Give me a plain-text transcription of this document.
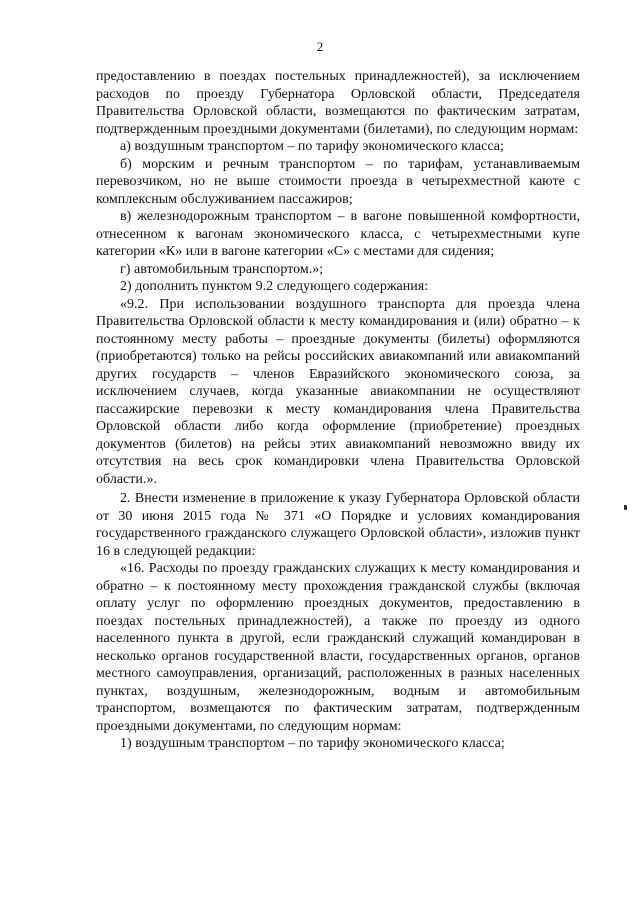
2

предоставлению в поездах постельных принадлежностей), за исключением расходов по проезду Губернатора Орловской области, Председателя Правительства Орловской области, возмещаются по фактическим затратам, подтвержденным проездными документами (билетами), по следующим нормам:

а) воздушным транспортом – по тарифу экономического класса;

б) морским и речным транспортом – по тарифам, устанавливаемым перевозчиком, но не выше стоимости проезда в четырехместной каюте с комплексным обслуживанием пассажиров;

в) железнодорожным транспортом – в вагоне повышенной комфортности, отнесенном к вагонам экономического класса, с четырехместными купе категории «К» или в вагоне категории «С» с местами для сидения;

г) автомобильным транспортом.»;

2) дополнить пунктом 9.2 следующего содержания:

«9.2. При использовании воздушного транспорта для проезда члена Правительства Орловской области к месту командирования и (или) обратно – к постоянному месту работы – проездные документы (билеты) оформляются (приобретаются) только на рейсы российских авиакомпаний или авиакомпаний других государств – членов Евразийского экономического союза, за исключением случаев, когда указанные авиакомпании не осуществляют пассажирские перевозки к месту командирования члена Правительства Орловской области либо когда оформление (приобретение) проездных документов (билетов) на рейсы этих авиакомпаний невозможно ввиду их отсутствия на весь срок командировки члена Правительства Орловской области.».

2. Внести изменение в приложение к указу Губернатора Орловской области от 30 июня 2015 года № 371 «О Порядке и условиях командирования государственного гражданского служащего Орловской области», изложив пункт 16 в следующей редакции:

«16. Расходы по проезду гражданских служащих к месту командирования и обратно – к постоянному месту прохождения гражданской службы (включая оплату услуг по оформлению проездных документов, предоставлению в поездах постельных принадлежностей), а также по проезду из одного населенного пункта в другой, если гражданский служащий командирован в несколько органов государственной власти, государственных органов, органов местного самоуправления, организаций, расположенных в разных населенных пунктах, воздушным, железнодорожным, водным и автомобильным транспортом, возмещаются по фактическим затратам, подтвержденным проездными документами, по следующим нормам:

1) воздушным транспортом – по тарифу экономического класса;
